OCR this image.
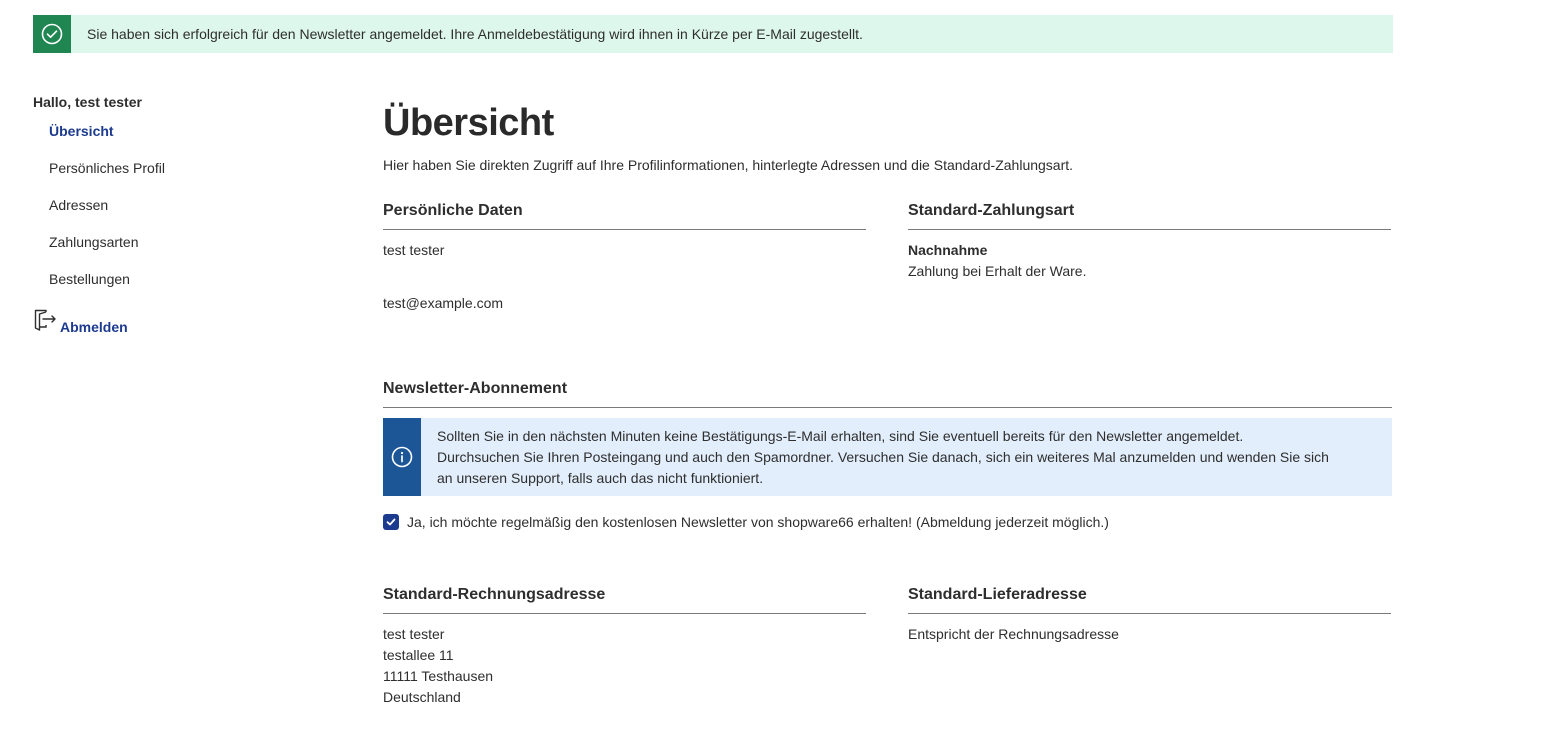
Sie haben sich erfolgreich für den Newsletter angemeldet. Ihre Anmeldebestätigung wird ihnen in Kürze per E-Mail zugestellt.
Hallo, test tester
Übersicht
Persönliches Profil
Adressen
Zahlungsarten
Bestellungen
Abmelden
Übersicht
Hier haben Sie direkten Zugriff auf Ihre Profilinformationen, hinterlegte Adressen und die Standard-Zahlungsart.
Persönliche Daten
test tester
test@example.com
Standard-Zahlungsart
Nachnahme
Zahlung bei Erhalt der Ware.
Newsletter-Abonnement
Sollten Sie in den nächsten Minuten keine Bestätigungs-E-Mail erhalten, sind Sie eventuell bereits für den Newsletter angemeldet.
Durchsuchen Sie Ihren Posteingang und auch den Spamordner. Versuchen Sie danach, sich ein weiteres Mal anzumelden und wenden Sie sich
an unseren Support, falls auch das nicht funktioniert.
Ja, ich möchte regelmäßig den kostenlosen Newsletter von shopware66 erhalten! (Abmeldung jederzeit möglich.)
Standard-Rechnungsadresse
test tester
testallee 11
11111 Testhausen
Deutschland
Standard-Lieferadresse
Entspricht der Rechnungsadresse
